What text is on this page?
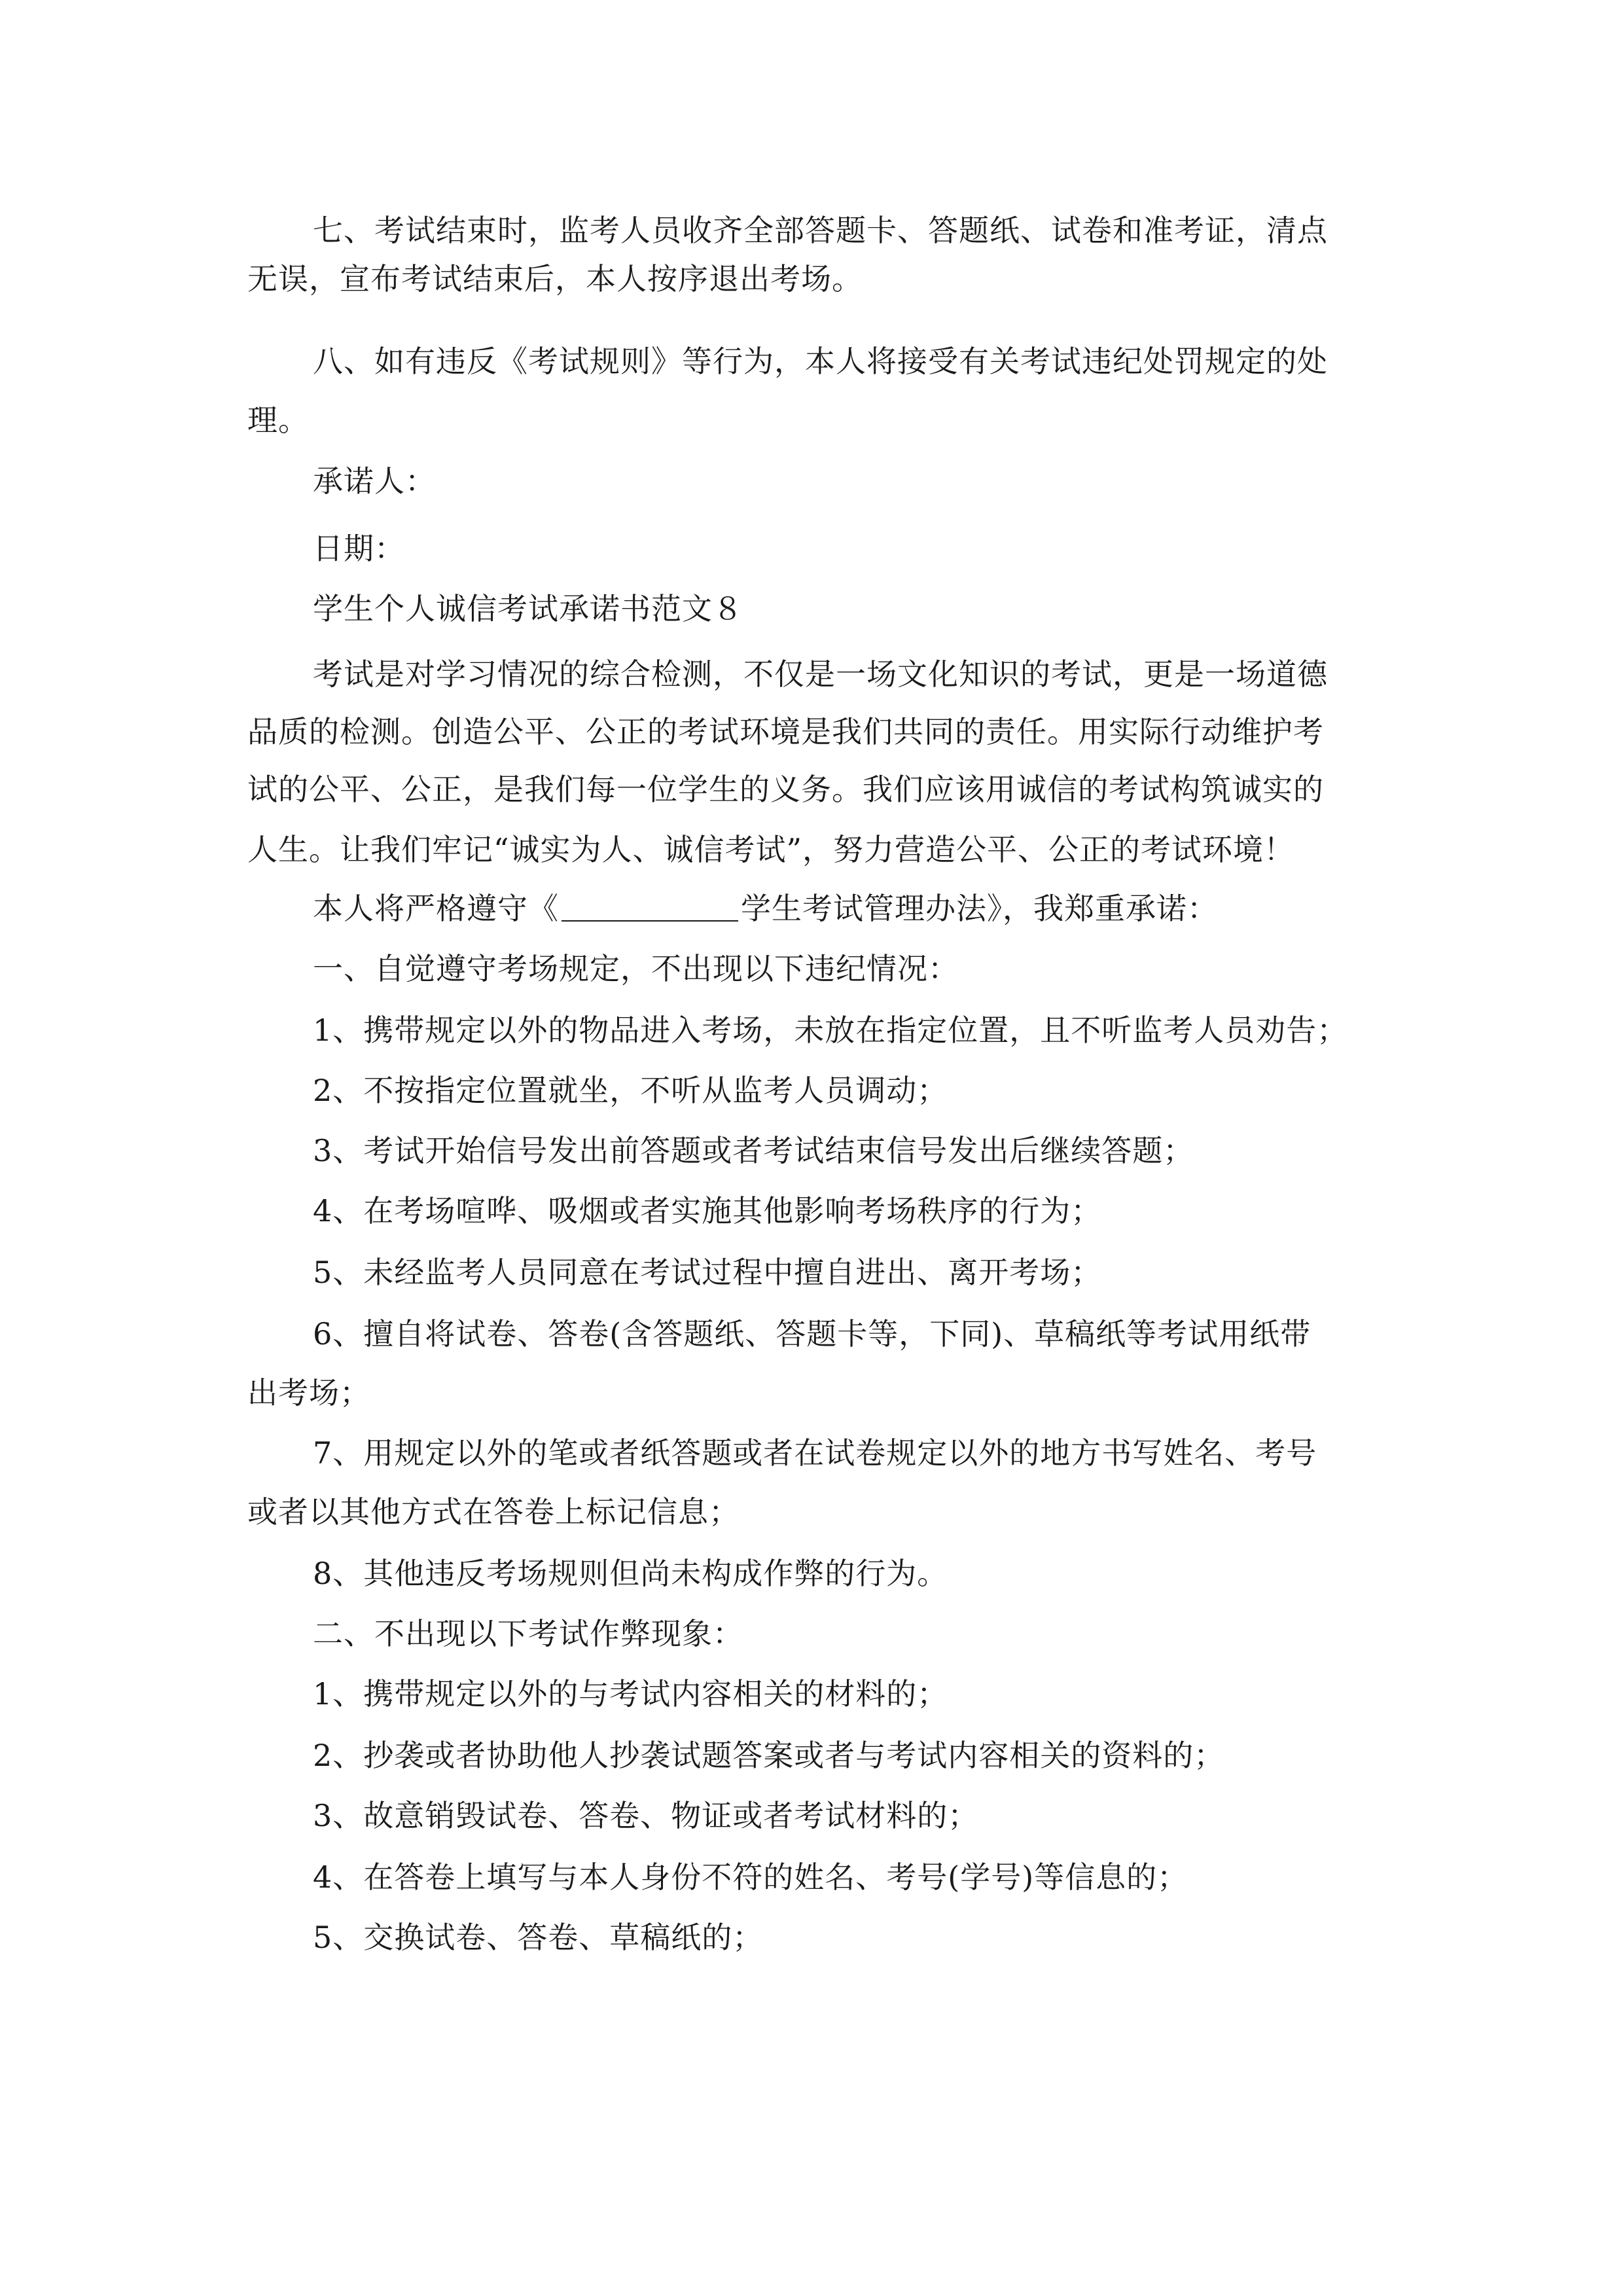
七、考试结束时，监考人员收齐全部答题卡、答题纸、试卷和准考证，清点
无误，宣布考试结束后，本人按序退出考场。
八、如有违反《考试规则》等行为，本人将接受有关考试违纪处罚规定的处
理。
承诺人：
日期：
学生个人诚信考试承诺书范文８
考试是对学习情况的综合检测，不仅是一场文化知识的考试，更是一场道德
品质的检测。创造公平、公正的考试环境是我们共同的责任。用实际行动维护考
试的公平、公正，是我们每一位学生的义务。我们应该用诚信的考试构筑诚实的
人生。让我们牢记“诚实为人、诚信考试”，努力营造公平、公正的考试环境！
本人将严格遵守《	学生考试管理办法》，我郑重承诺：
一、自觉遵守考场规定，不出现以下违纪情况：
1、携带规定以外的物品进入考场，未放在指定位置，且不听监考人员劝告；
2、不按指定位置就坐，不听从监考人员调动；
3、考试开始信号发出前答题或者考试结束信号发出后继续答题；
4、在考场喧哗、吸烟或者实施其他影响考场秩序的行为；
5、未经监考人员同意在考试过程中擅自进出、离开考场；
6、擅自将试卷、答卷(含答题纸、答题卡等，下同)、草稿纸等考试用纸带
出考场；
7、用规定以外的笔或者纸答题或者在试卷规定以外的地方书写姓名、考号
或者以其他方式在答卷上标记信息；
8、其他违反考场规则但尚未构成作弊的行为。
二、不出现以下考试作弊现象：
1、携带规定以外的与考试内容相关的材料的；
2、抄袭或者协助他人抄袭试题答案或者与考试内容相关的资料的；
3、故意销毁试卷、答卷、物证或者考试材料的；
4、在答卷上填写与本人身份不符的姓名、考号(学号)等信息的；
5、交换试卷、答卷、草稿纸的；
